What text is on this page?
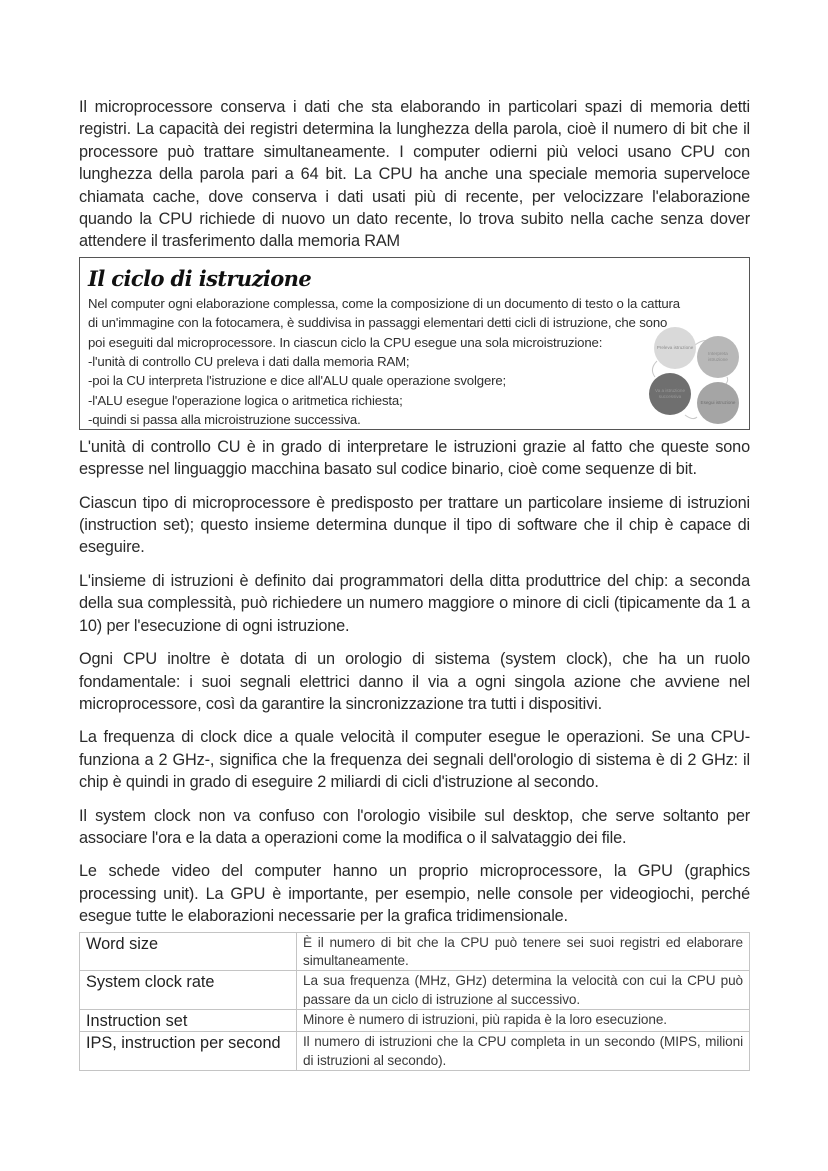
Il microprocessore conserva i dati che sta elaborando in particolari spazi di memoria detti registri. La capacità dei registri determina la lunghezza della parola, cioè il numero di bit che il processore può trattare simultaneamente. I computer odierni più veloci usano CPU con lunghezza della parola pari a 64 bit. La CPU ha anche una speciale memoria superveloce chiamata cache, dove conserva i dati usati più di recente, per velocizzare l'elaborazione quando la CPU richiede di nuovo un dato recente, lo trova subito nella cache senza dover attendere il trasferimento dalla memoria RAM

Il ciclo di istruzione
Nel computer ogni elaborazione complessa, come la composizione di un documento di testo o la cattura
di un'immagine con la fotocamera, è suddivisa in passaggi elementari detti cicli di istruzione, che sono
poi eseguiti dal microprocessore. In ciascun ciclo la CPU esegue una sola microistruzione:
-l'unità di controllo CU preleva i dati dalla memoria RAM;
-poi la CU interpreta l'istruzione e dice all'ALU quale operazione svolgere;
-l'ALU esegue l'operazione logica o aritmetica richiesta;
-quindi si passa alla microistruzione successiva.
Preleva istruzione
Interpreta istruzione
Esegui istruzione
Va a istruzione successiva

L'unità di controllo CU è in grado di interpretare le istruzioni grazie al fatto che queste sono espresse nel linguaggio macchina basato sul codice binario, cioè come sequenze di bit.

Ciascun tipo di microprocessore è predisposto per trattare un particolare insieme di istruzioni (instruction set); questo insieme determina dunque il tipo di software che il chip è capace di eseguire.

L'insieme di istruzioni è definito dai programmatori della ditta produttrice del chip: a seconda della sua complessità, può richiedere un numero maggiore o minore di cicli (tipicamente da 1 a 10) per l'esecuzione di ogni istruzione.

Ogni CPU inoltre è dotata di un orologio di sistema (system clock), che ha un ruolo fondamentale: i suoi segnali elettrici danno il via a ogni singola azione che avviene nel microprocessore, così da garantire la sincronizzazione tra tutti i dispositivi.

La frequenza di clock dice a quale velocità il computer esegue le operazioni. Se una CPU-funziona a 2 GHz-, significa che la frequenza dei segnali dell'orologio di sistema è di 2 GHz: il chip è quindi in grado di eseguire 2 miliardi di cicli d'istruzione al secondo.

Il system clock non va confuso con l'orologio visibile sul desktop, che serve soltanto per associare l'ora e la data a operazioni come la modifica o il salvataggio dei file.

Le schede video del computer hanno un proprio microprocessore, la GPU (graphics processing unit). La GPU è importante, per esempio, nelle console per videogiochi, perché esegue tutte le elaborazioni necessarie per la grafica tridimensionale.

Word size	È il numero di bit che la CPU può tenere sei suoi registri ed elaborare simultaneamente.
System clock rate	La sua frequenza (MHz, GHz) determina la velocità con cui la CPU può passare da un ciclo di istruzione al successivo.
Instruction set	Minore è numero di istruzioni, più rapida è la loro esecuzione.
IPS, instruction per second	Il numero di istruzioni che la CPU completa in un secondo (MIPS, milioni di istruzioni al secondo).
